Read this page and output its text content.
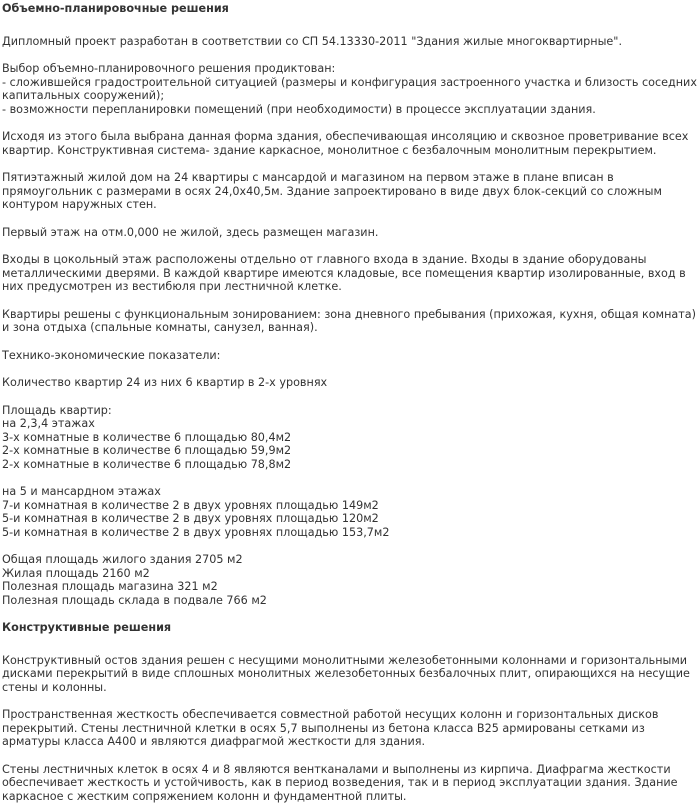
Объемно-планировочные решения

Дипломный проект разработан в соответствии со СП 54.13330-2011 "Здания жилые многоквартирные".

Выбор объемно-планировочного решения продиктован:
- сложившейся градостроительной ситуацией (размеры и конфигурация застроенного участка и близость соседних капитальных сооружений);
- возможности перепланировки помещений (при необходимости) в процессе эксплуатации здания.

Исходя из этого была выбрана данная форма здания, обеспечивающая инсоляцию и сквозное проветривание всех квартир. Конструктивная система- здание каркасное, монолитное с безбалочным монолитным перекрытием.

Пятиэтажный жилой дом на 24 квартиры с мансардой и магазином на первом этаже в плане вписан в прямоугольник с размерами в осях 24,0х40,5м. Здание запроектировано в виде двух блок-секций со сложным контуром наружных стен.

Первый этаж на отм.0,000 не жилой, здесь размещен магазин.

Входы в цокольный этаж расположены отдельно от главного входа в здание. Входы в здание оборудованы металлическими дверями. В каждой квартире имеются кладовые, все помещения квартир изолированные, вход в них предусмотрен из вестибюля при лестничной клетке.

Квартиры решены с функциональным зонированием: зона дневного пребывания (прихожая, кухня, общая комната) и зона отдыха (спальные комнаты, санузел, ванная).

Технико-экономические показатели:

Количество квартир 24 из них 6 квартир в 2-х уровнях

Площадь квартир:
на 2,3,4 этажах
3-х комнатные в количестве 6 площадью 80,4м2
2-х комнатные в количестве 6 площадью 59,9м2
2-х комнатные в количестве 6 площадью 78,8м2

на 5 и мансардном этажах
7-и комнатная в количестве 2 в двух уровнях площадью 149м2
5-и комнатная в количестве 2 в двух уровнях площадью 120м2
5-и комнатная в количестве 2 в двух уровнях площадью 153,7м2

Общая площадь жилого здания 2705 м2
Жилая площадь 2160 м2
Полезная площадь магазина 321 м2
Полезная площадь склада в подвале 766 м2

Конструктивные решения

Конструктивный остов здания решен с несущими монолитными железобетонными колоннами и горизонтальными дисками перекрытий в виде сплошных монолитных железобетонных безбалочных плит, опирающихся на несущие стены и колонны.

Пространственная жесткость обеспечивается совместной работой несущих колонн и горизонтальных дисков перекрытий. Стены лестничной клетки в осях 5,7 выполнены из бетона класса В25 армированы сетками из арматуры класса А400 и являются диафрагмой жесткости для здания.

Стены лестничных клеток в осях 4 и 8 являются вентканалами и выполнены из кирпича. Диафрагма жесткости обеспечивает жесткость и устойчивость, как в период возведения, так и в период эксплуатации здания. Здание каркасное с жестким сопряжением колонн и фундаментной плиты.
